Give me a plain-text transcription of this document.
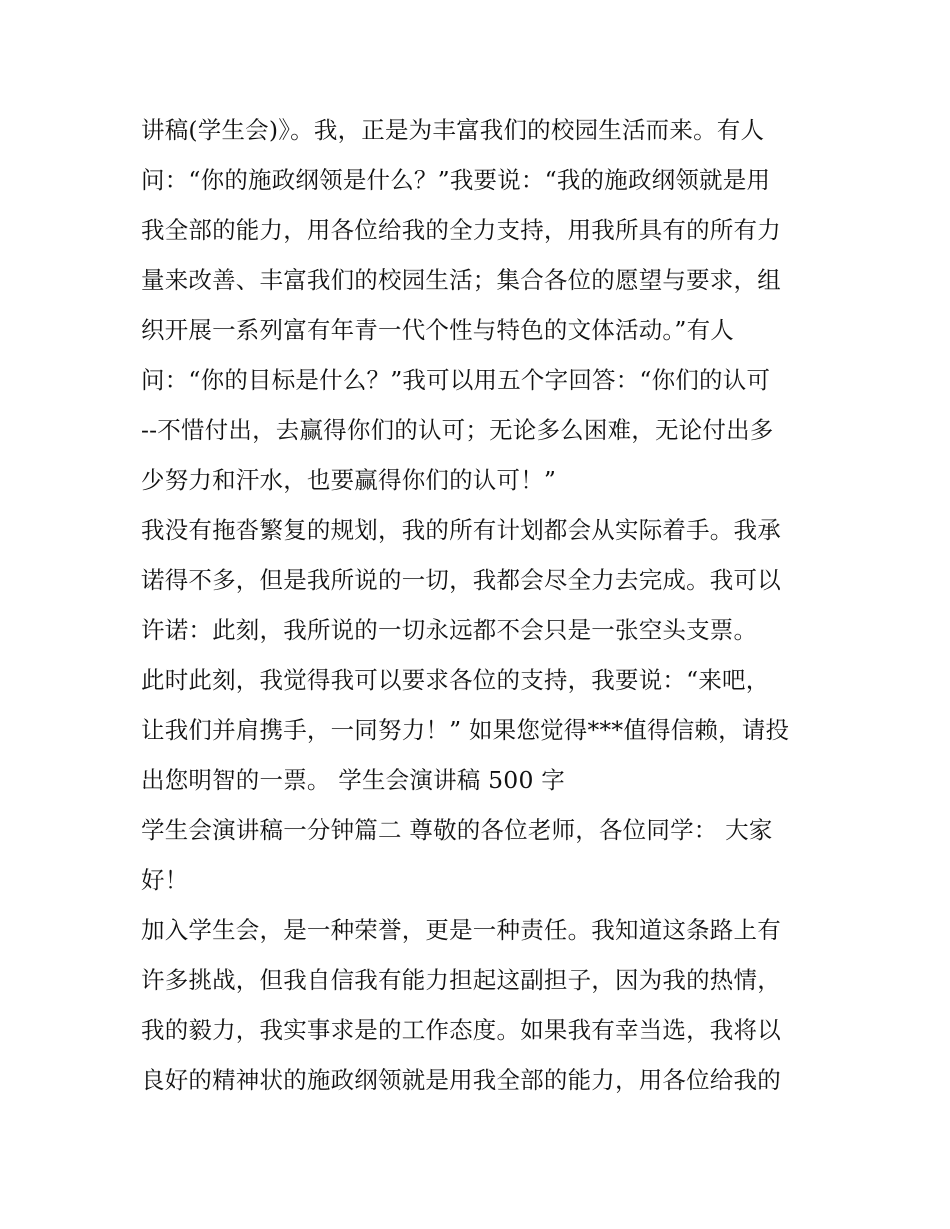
讲稿(学生会)》。我，正是为丰富我们的校园生活而来。有人
问：“你的施政纲领是什么？”我要说：“我的施政纲领就是用
我全部的能力，用各位给我的全力支持，用我所具有的所有力
量来改善、丰富我们的校园生活；集合各位的愿望与要求，组
织开展一系列富有年青一代个性与特色的文体活动。”有人
问：“你的目标是什么？”我可以用五个字回答：“你们的认可
--不惜付出，去赢得你们的认可；无论多么困难，无论付出多
少努力和汗水，也要赢得你们的认可！”
我没有拖沓繁复的规划，我的所有计划都会从实际着手。我承
诺得不多，但是我所说的一切，我都会尽全力去完成。我可以
许诺：此刻，我所说的一切永远都不会只是一张空头支票。
此时此刻，我觉得我可以要求各位的支持，我要说：“来吧，
让我们并肩携手，一同努力！” 如果您觉得***值得信赖，请投
出您明智的一票。 学生会演讲稿 500 字
学生会演讲稿一分钟篇二 尊敬的各位老师，各位同学： 大家
好！
加入学生会，是一种荣誉，更是一种责任。我知道这条路上有
许多挑战，但我自信我有能力担起这副担子，因为我的热情，
我的毅力，我实事求是的工作态度。如果我有幸当选，我将以
良好的精神状的施政纲领就是用我全部的能力，用各位给我的
